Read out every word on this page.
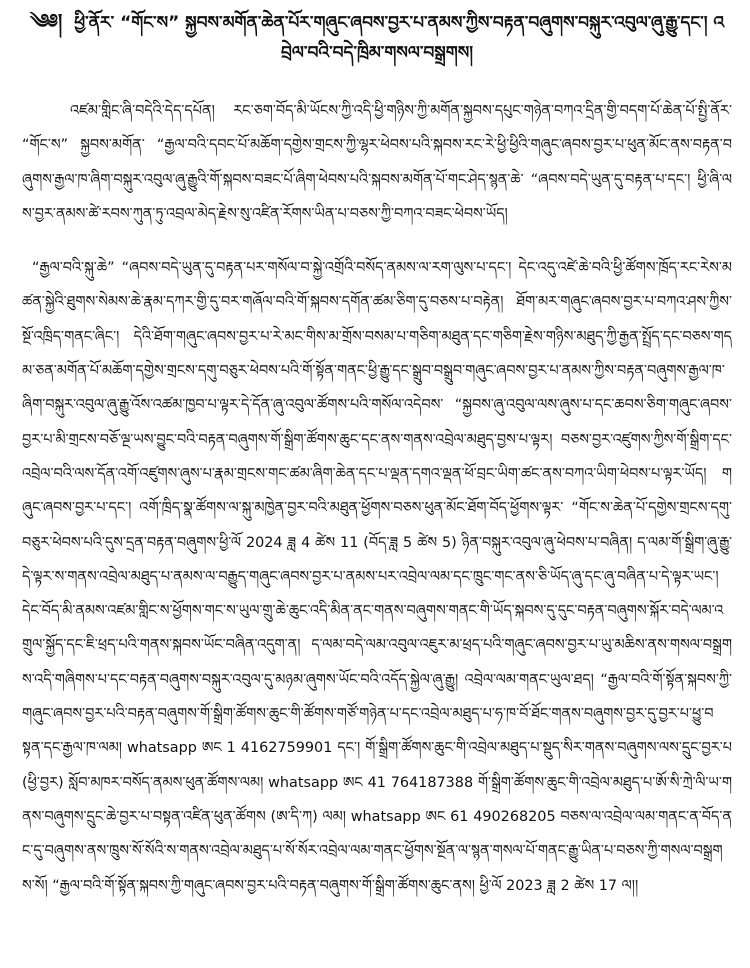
༄༅། ཕྱི་ནོར་ “གོང་ས” སྐྱབས་མགོན་ཆེན་པོར་གཞུང་ཞབས་བྱར་པ་ནམས་ཀྱིས་བརྟན་བཞུགས་བསྐུར་འབུལ་ཞུ་རྒྱུ་དང་། འབྲེལ་བའི་བདེ་ཁྲིམ་གསལ་བསྒྲགས།

འཛམ་གླིང་ཞི་བདེའི་དེད་དཔོན། རང་ཅག་བོད་མི་ཡོངས་ཀྱི་འདི་ཕྱི་གཉིས་ཀྱི་མགོན་སྐྱབས་དཔུང་གཉེན་བཀའ་དྲིན་གྱི་བདག་པོ་ཆེན་པོ་སྤྱི་ནོར་ “གོང་ས” སྐྱབས་མགོན་ “རྒྱལ་བའི་དབང་པོ་མཆོག་དགྱེས་གྲངས་ཀྱི་ལྷར་ཕེབས་པའི་སྐབས་རང་རེ་ཕྱི་ཕྱིའི་གཞུང་ཞབས་བྱར་པ་ཕུན་མོང་ནས་བརྟན་བཞུགས་རྒྱལ་ཁ་ཞིག་བསྐུར་འབུལ་ཞུ་རྒྱུའི་གོ་སྐབས་བཟང་པོ་ཞིག་ཕེབས་པའི་སྐབས་མགོན་པོ་གང་ཤེད་སྙན་ཆེ་ “ཞབས་བདེ་ཡུན་དུ་བརྟན་པ་དང་། ཕྱི་ཞི་ལས་བྱར་ནམས་ཚེ་རབས་ཀུན་ཏུ་འབྲལ་མེད་རྗེས་སུ་འཛིན་རོགས་ཡིན་པ་བཅས་ཀྱི་བཀའ་བཟང་ཕེབས་ཡོད།

“རྒྱལ་བའི་སྐུ་ཆེ” “ཞབས་བདེ་ཡུན་དུ་བརྟན་པར་གསོལ་བ་སྐྱེ་འགྲོའི་བསོད་ནམས་ལ་རག་ལུས་པ་དང་། དེང་འདུ་འཛེ་ཆེ་བའི་ཕྱི་ཚོགས་ཁྲོད་རང་རེས་མཚན་སྐྱེའི་ཐུགས་སེམས་ཆེ་རྣམ་དཀར་གྱི་དུ་བར་གཞོལ་བའི་གོ་སྐབས་དགོན་ཚམ་ཅིག་དུ་བཅས་པ་བརྟེན། ཐོག་མར་གཞུང་ཞབས་བྱར་པ་བཀའ་ཤས་ཀྱིས་སྔོ་འཁྲིད་གནང་ཞིང་། དེའི་ཐོག་གཞུང་ཞབས་བྱར་པ་རེ་མང་གིས་མ་གྲོས་བསམ་པ་གཅིག་མཐུན་དང་གཅིག་རྗེས་གཉིས་མཐུད་ཀྱི་རྒྱན་སྤྲོད་དང་བཅས་གདམ་ཅན་མགོན་པོ་མཆོག་དགྱེས་གྲངས་དགུ་བཅུར་ཕེབས་པའི་གོ་སྟོན་གནང་ཕྱི་རྒྱུ་དང་སྒྲུབ་བསྒྲུབ་གཞུང་ཞབས་བྱར་པ་ནམས་ཀྱིས་བརྟན་བཞུགས་རྒྱལ་ཁ་ཞིག་བསྐུར་འབུལ་ཞུ་རྒྱུ་འོས་འཚམ་ཁྱབ་པ་ལྟར་དེ་དོན་ཞུ་འབུལ་ཚོགས་པའི་གསོལ་འདེབས་ “སྐྱབས་ཞུ་འབུལ་ལས་ཞུས་པ་དང་ཆབས་ཅིག་གཞུང་ཞབས་བྱར་པ་མི་གྲངས་བཅོ་ལྔ་ཡས་བྱུང་བའི་བརྟན་བཞུགས་གོ་སྒྲིག་ཚོགས་ཆུང་དང་ནས་གནས་འབྲེལ་མཐུད་བྱས་པ་ལྟར། བཅས་བྱར་འཛུགས་ཀྱིས་གོ་སྒྲིག་དང་འབྲེལ་བའི་ལས་དོན་འགོ་འཛུགས་ཞུས་པ་རྣམ་གྲངས་གང་ཚམ་ཞིག་ཆེན་དང་པ་ལྡན་དགའ་ལྡན་ཕོ་བྲང་ཡིག་ཚང་ནས་བཀའ་ཡིག་ཕེབས་པ་ལྟར་ཡོད། གཞུང་ཞབས་བྱར་པ་དང་། འགོ་ཁྲིད་སྣ་ཚོགས་ལ་སྐུ་མཁྱེན་བྱར་བའི་མཐུན་ཕྱོགས་བཅས་ཕུན་མོང་ཐོག་བོད་ཕྱོགས་ལྟར་ “གོང་ས་ཆེན་པོ་དགྱེས་གྲངས་དགུ་བཅུར་ཕེབས་པའི་དུས་དྲན་བརྟན་བཞུགས་ཕྱི་ལོ 2024 ཟླ 4 ཚེས 11 (བོད་ཟླ 5 ཚེས 5) ཉིན་བསྐུར་འབུལ་ཞུ་ཕེབས་པ་བཞིན། ད་ལམ་གོ་སྒྲིག་ཞུ་རྒྱུ་དེ་ལྟར་ས་གནས་འབྲེལ་མཐུད་པ་ནམས་ལ་བརྒྱུད་གཞུང་ཞབས་བྱར་པ་ནམས་པར་འབྲེལ་ལམ་དང་ཁྲུང་གང་ནས་ཅི་ཡོད་ཞུ་དང་ཞུ་བཞིན་པ་དེ་ལྟར་ཡང་། དེང་བོད་མི་ནམས་འཛམ་གླིང་ས་ཕྱོགས་གང་ས་ཡུལ་གྲུ་ཆེ་ཆུང་འདི་མིན་ནང་གནས་བཞུགས་གནང་གི་ཡོད་སྐབས་དུ་དུང་བརྟན་བཞུགས་སྐོར་བདེ་ལམ་འགྲུལ་སྐྱོད་དང་ཇི་ཕྲད་པའི་གནས་སྐབས་ཡོང་བཞིན་འདུག་ན། ད་ལམ་བདེ་ལམ་འབུལ་འཇུར་མ་ཕྲད་པའི་གཞུང་ཞབས་བྱར་པ་ཡུ་མཆིས་ནས་གསལ་བསྒྲགས་འདི་གཞིགས་པ་དང་བརྟན་བཞུགས་བསྐུར་འབུལ་དུ་མཉམ་ཞུགས་ཡོང་བའི་འདོད་སྐྱེལ་ཞུ་རྒྱུ། འབྲེལ་ལམ་གནང་ཡུལ་ཐད། “རྒྱལ་བའི་གོ་སྟོན་སྐབས་ཀྱི་གཞུང་ཞབས་བྱར་པའི་བརྟན་བཞུགས་གོ་སྒྲིག་ཚོགས་ཆུང་གི་ཚོགས་གཙོ་གཉེན་པ་དང་འབྲེལ་མཐུད་པ་ཧ་ཁ་བོ་ཐོང་གནས་བཞུགས་བྱར་དུ་བྱར་པ་ཕྱུ་བསྟན་དང་རྒྱལ་ཁ་ལམ། whatsapp ཨང 1 4162759901 དང་། གོ་སྒྲིག་ཚོགས་ཆུང་གི་འབྲེལ་མཐུད་པ་སྡུད་སིར་གནས་བཞུགས་ལས་དྲུང་བྱར་པ (ཕྱི་བྱར) སློབ་མཁར་བསོད་ནམས་ཕུན་ཚོགས་ལམ། whatsapp ཨང 41 764187388 གོ་སྒྲིག་ཚོགས་ཆུང་གི་འབྲེལ་མཐུད་པ་ཨོ་སི་ཀྲེ་ལི་ཡ་གནས་བཞུགས་དྲུང་ཆེ་བྱར་པ་བསྟན་འཛིན་ཕུན་ཚོགས (ཨ་དི་ཀ) ལམ། whatsapp ཨང 61 490268205 བཅས་ལ་འབྲེལ་ལམ་གནང་ན་བོད་ནང་དུ་བཞུགས་ནས་ཁྲུས་སོ་སོའི་ས་གནས་འབྲེལ་མཐུད་པ་སོ་སོར་འབྲེལ་ལམ་གནང་ཕྱོགས་སྔོན་ལ་སྙན་གསལ་པོ་གནང་རྒྱུ་ཡིན་པ་བཅས་ཀྱི་གསལ་བསྒྲགས་སོ། “རྒྱལ་བའི་གོ་སྟོན་སྐབས་ཀྱི་གཞུང་ཞབས་བྱར་པའི་བརྟན་བཞུགས་གོ་སྒྲིག་ཚོགས་ཆུང་ནས། ཕྱི་ལོ 2023 ཟླ 2 ཚེས 17 ལ།།
